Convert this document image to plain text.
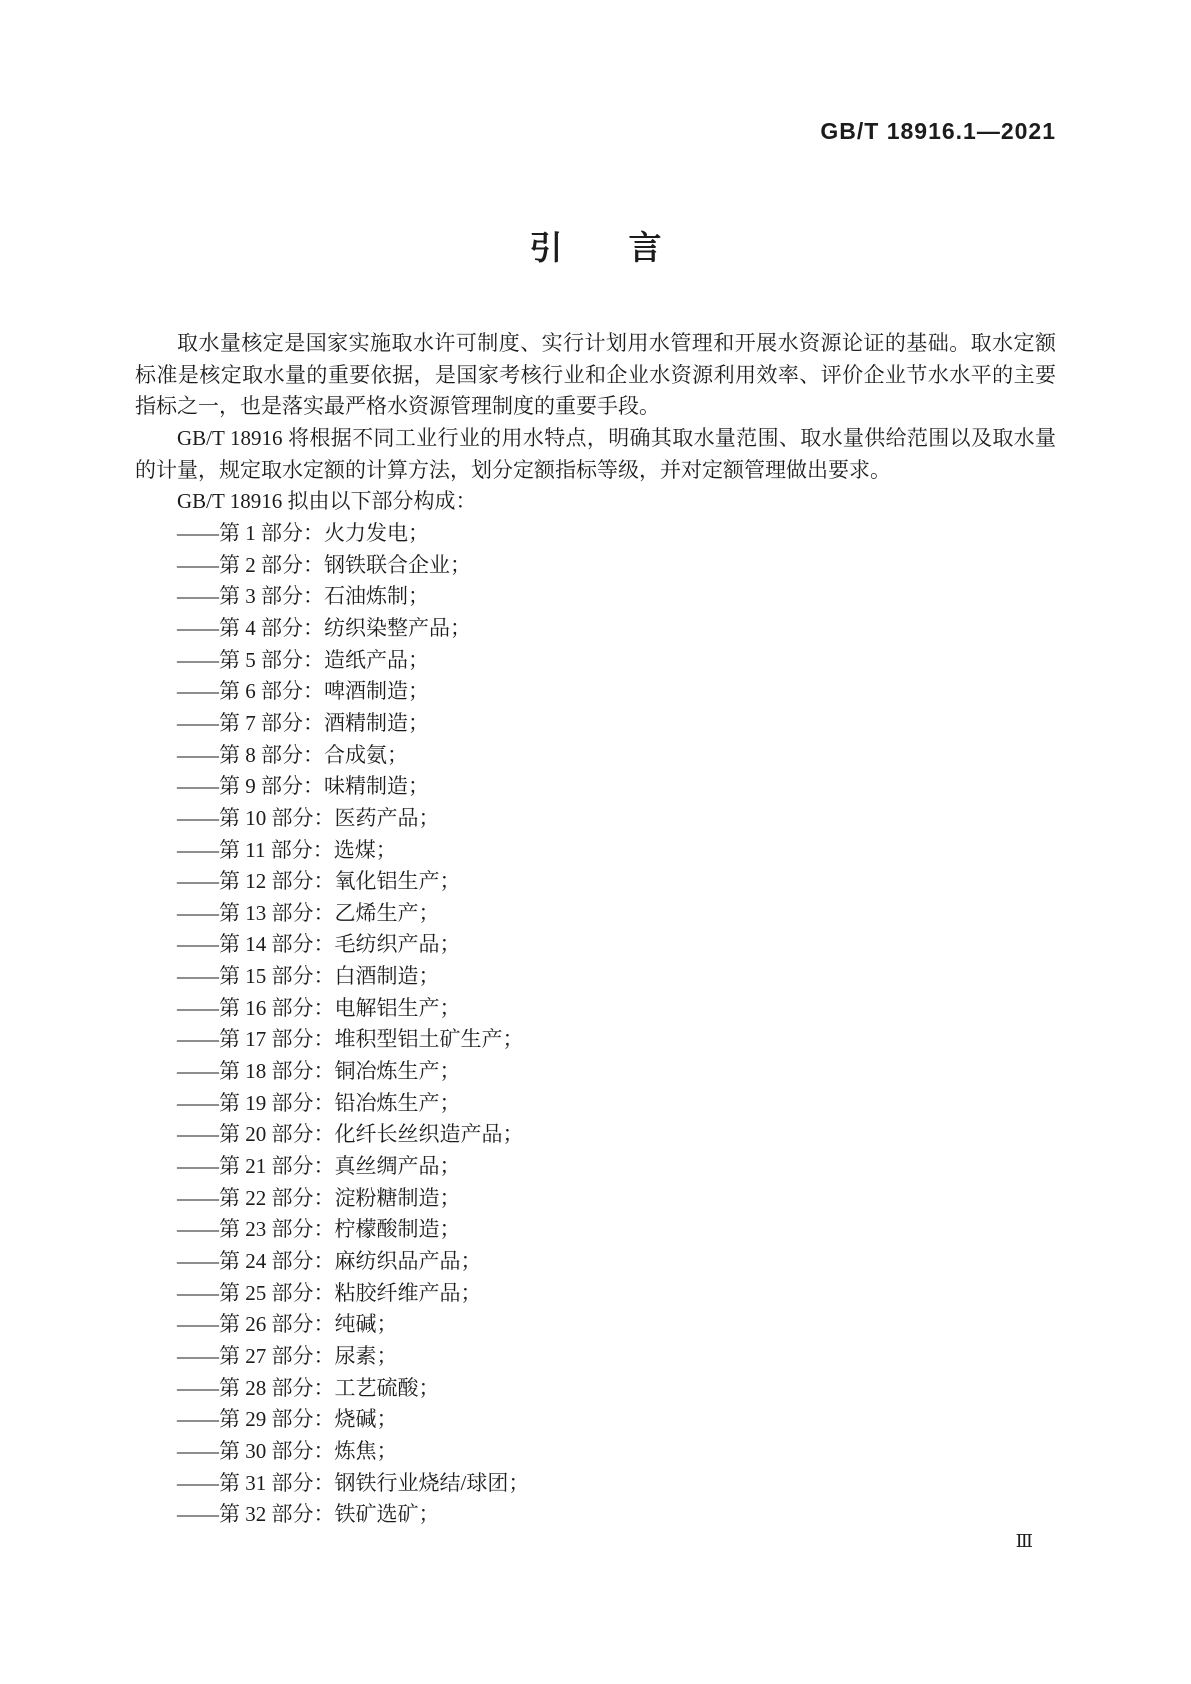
GB/T 18916.1—2021
引　　言

取水量核定是国家实施取水许可制度、实行计划用水管理和开展水资源论证的基础。取水定额标准是核定取水量的重要依据，是国家考核行业和企业水资源利用效率、评价企业节水水平的主要指标之一，也是落实最严格水资源管理制度的重要手段。

GB/T 18916 将根据不同工业行业的用水特点，明确其取水量范围、取水量供给范围以及取水量的计量，规定取水定额的计算方法，划分定额指标等级，并对定额管理做出要求。

GB/T 18916 拟由以下部分构成：

——第 1 部分：火力发电；
——第 2 部分：钢铁联合企业；
——第 3 部分：石油炼制；
——第 4 部分：纺织染整产品；
——第 5 部分：造纸产品；
——第 6 部分：啤酒制造；
——第 7 部分：酒精制造；
——第 8 部分：合成氨；
——第 9 部分：味精制造；
——第 10 部分：医药产品；
——第 11 部分：选煤；
——第 12 部分：氧化铝生产；
——第 13 部分：乙烯生产；
——第 14 部分：毛纺织产品；
——第 15 部分：白酒制造；
——第 16 部分：电解铝生产；
——第 17 部分：堆积型铝土矿生产；
——第 18 部分：铜冶炼生产；
——第 19 部分：铅冶炼生产；
——第 20 部分：化纤长丝织造产品；
——第 21 部分：真丝绸产品；
——第 22 部分：淀粉糖制造；
——第 23 部分：柠檬酸制造；
——第 24 部分：麻纺织品产品；
——第 25 部分：粘胶纤维产品；
——第 26 部分：纯碱；
——第 27 部分：尿素；
——第 28 部分：工艺硫酸；
——第 29 部分：烧碱；
——第 30 部分：炼焦；
——第 31 部分：钢铁行业烧结/球团；
——第 32 部分：铁矿选矿；
Ⅲ
